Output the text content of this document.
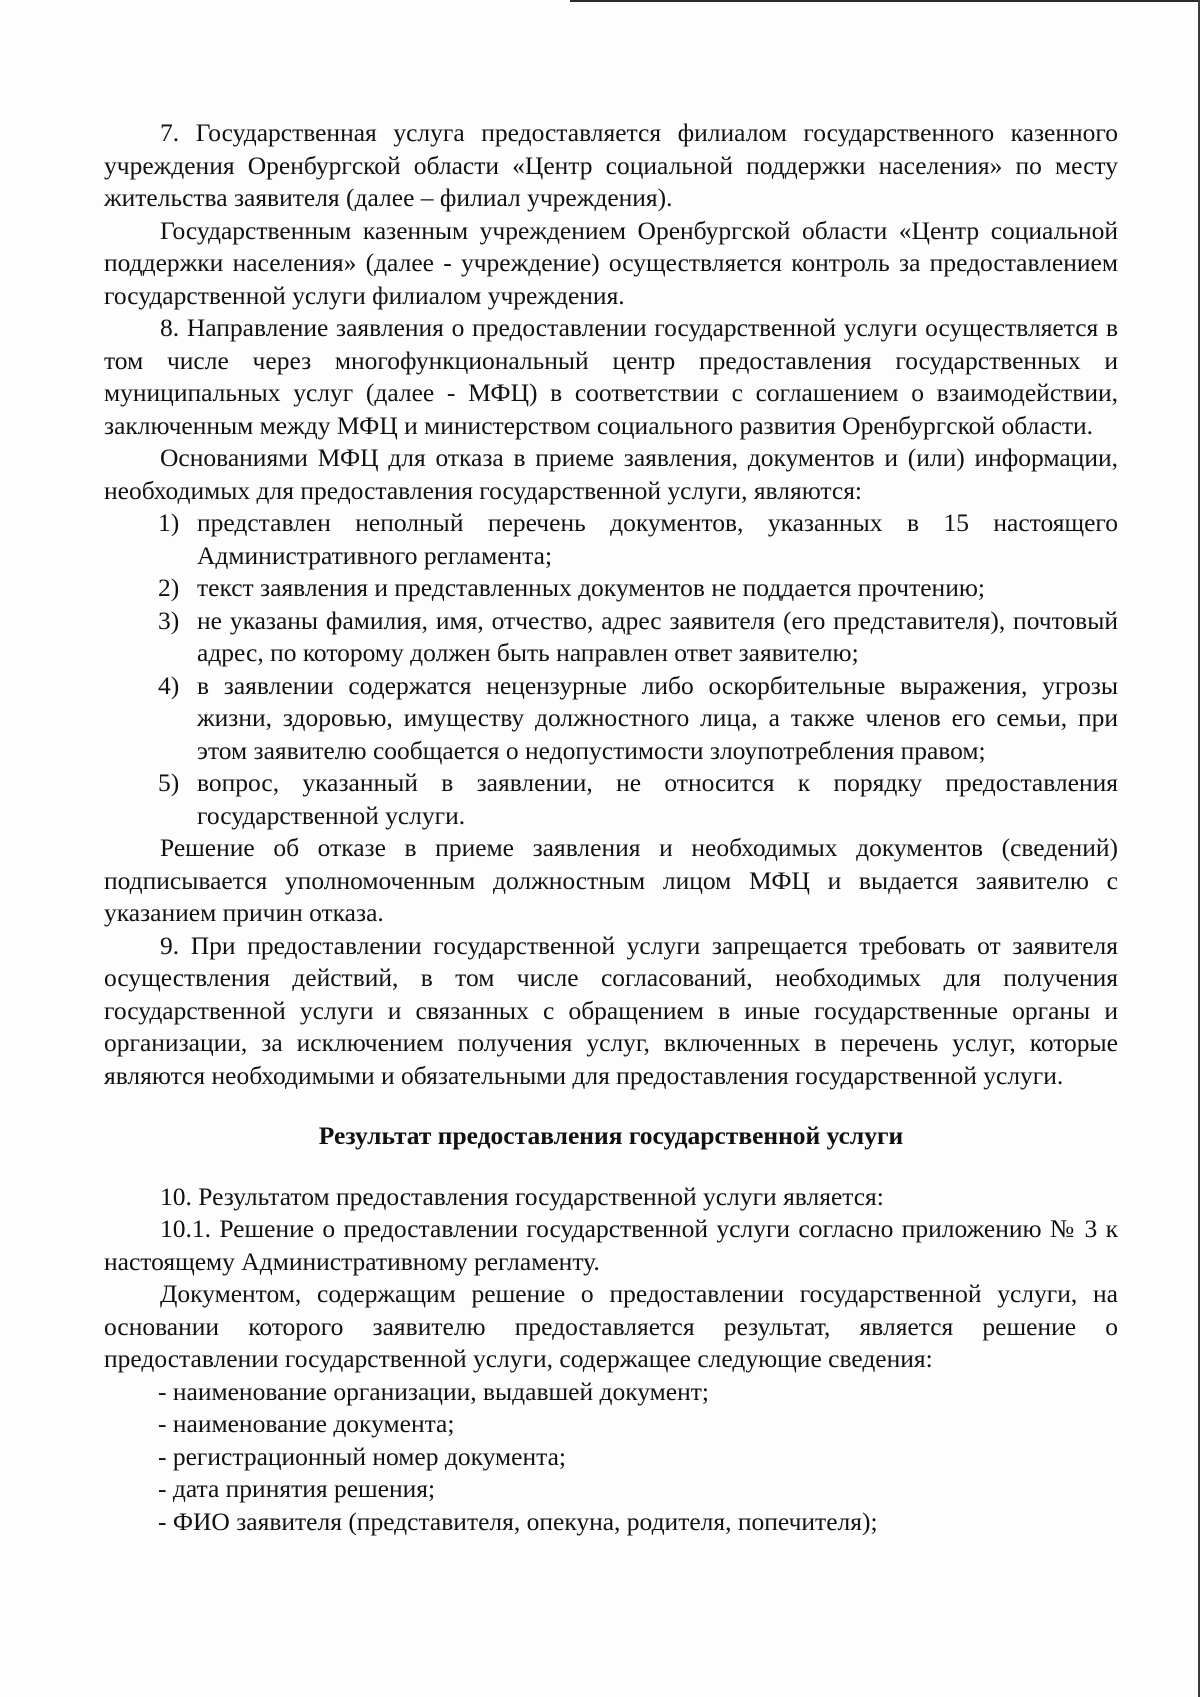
7. Государственная услуга предоставляется филиалом государственного казенного учреждения Оренбургской области «Центр социальной поддержки населения» по месту жительства заявителя (далее – филиал учреждения).

Государственным казенным учреждением Оренбургской области «Центр социальной поддержки населения» (далее - учреждение) осуществляется контроль за предоставлением государственной услуги филиалом учреждения.

8. Направление заявления о предоставлении государственной услуги осуществляется в том числе через многофункциональный центр предоставления государственных и муниципальных услуг (далее - МФЦ) в соответствии с соглашением о взаимодействии, заключенным между МФЦ и министерством социального развития Оренбургской области.

Основаниями МФЦ для отказа в приеме заявления, документов и (или) информации, необходимых для предоставления государственной услуги, являются:

1) представлен неполный перечень документов, указанных в 15 настоящего Административного регламента;
2) текст заявления и представленных документов не поддается прочтению;
3) не указаны фамилия, имя, отчество, адрес заявителя (его представителя), почтовый адрес, по которому должен быть направлен ответ заявителю;
4) в заявлении содержатся нецензурные либо оскорбительные выражения, угрозы жизни, здоровью, имуществу должностного лица, а также членов его семьи, при этом заявителю сообщается о недопустимости злоупотребления правом;
5) вопрос, указанный в заявлении, не относится к порядку предоставления государственной услуги.

Решение об отказе в приеме заявления и необходимых документов (сведений) подписывается уполномоченным должностным лицом МФЦ и выдается заявителю с указанием причин отказа.

9. При предоставлении государственной услуги запрещается требовать от заявителя осуществления действий, в том числе согласований, необходимых для получения государственной услуги и связанных с обращением в иные государственные органы и организации, за исключением получения услуг, включенных в перечень услуг, которые являются необходимыми и обязательными для предоставления государственной услуги.

Результат предоставления государственной услуги

10. Результатом предоставления государственной услуги является:

10.1. Решение о предоставлении государственной услуги согласно приложению № 3 к настоящему Административному регламенту.

Документом, содержащим решение о предоставлении государственной услуги, на основании которого заявителю предоставляется результат, является решение о предоставлении государственной услуги, содержащее следующие сведения:

- наименование организации, выдавшей документ;

- наименование документа;

- регистрационный номер документа;

- дата принятия решения;

- ФИО заявителя (представителя, опекуна, родителя, попечителя);
